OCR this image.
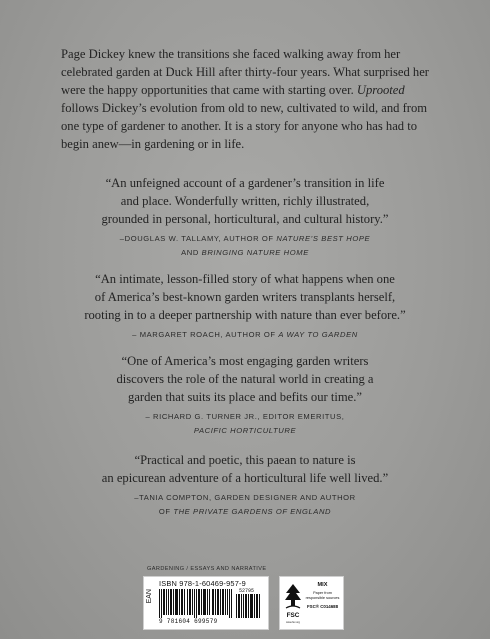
Page Dickey knew the transitions she faced walking away from her celebrated garden at Duck Hill after thirty-four years. What surprised her were the happy opportunities that came with starting over. Uprooted follows Dickey’s evolution from old to new, cultivated to wild, and from one type of gardener to another. It is a story for anyone who has had to begin anew—in gardening or in life.

“An unfeigned account of a gardener’s transition in life
and place. Wonderfully written, richly illustrated,
grounded in personal, horticultural, and cultural history.”

–DOUGLAS W. TALLAMY, AUTHOR OF NATURE’S BEST HOPE
AND BRINGING NATURE HOME

“An intimate, lesson-filled story of what happens when one
of America’s best-known garden writers transplants herself,
rooting in to a deeper partnership with nature than ever before.”

– MARGARET ROACH, AUTHOR OF A WAY TO GARDEN

“One of America’s most engaging garden writers
discovers the role of the natural world in creating a
garden that suits its place and befits our time.”

– RICHARD G. TURNER JR., EDITOR EMERITUS,
PACIFIC HORTICULTURE

“Practical and poetic, this paean to nature is
an epicurean adventure of a horticultural life well lived.”

–TANIA COMPTON, GARDEN DESIGNER AND AUTHOR
OF THE PRIVATE GARDENS OF ENGLAND

GARDENING / ESSAYS AND NARRATIVE
EAN
ISBN 978-1-60469-957-9
52795
9 781604 699579
FSC
www.fsc.org
MIX
Paper from
responsible sources
FSC® C014688
